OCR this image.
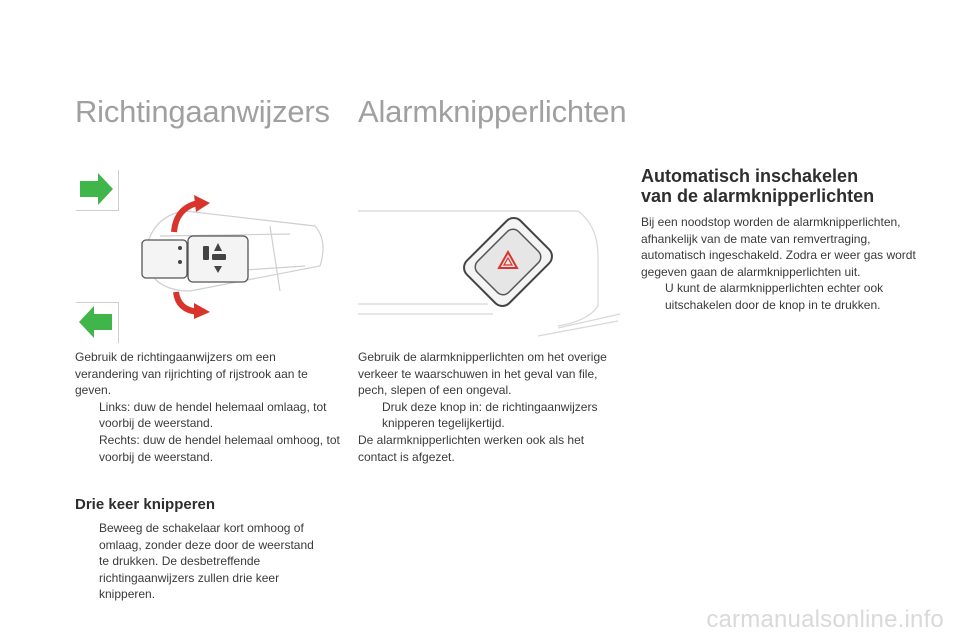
Richtingaanwijzers Alarmknipperlichten

Gebruik de richtingaanwijzers om een verandering van rijrichting of rijstrook aan te geven.

Links: duw de hendel helemaal omlaag, tot voorbij de weerstand.
Rechts: duw de hendel helemaal omhoog, tot voorbij de weerstand.
Drie keer knipperen
Beweeg de schakelaar kort omhoog of omlaag, zonder deze door de weerstand te drukken. De desbetreffende richtingaanwijzers zullen drie keer knipperen.

Gebruik de alarmknipperlichten om het overige verkeer te waarschuwen in het geval van file, pech, slepen of een ongeval.

Druk deze knop in: de richtingaanwijzers knipperen tegelijkertijd.

De alarmknipperlichten werken ook als het contact is afgezet.

Automatisch inschakelen
van de alarmknipperlichten

Bij een noodstop worden de alarmknipperlichten, afhankelijk van de mate van remvertraging, automatisch ingeschakeld. Zodra er weer gas wordt gegeven gaan de alarmknipperlichten uit.

U kunt de alarmknipperlichten echter ook uitschakelen door de knop in te drukken.
carmanualsonline.info
